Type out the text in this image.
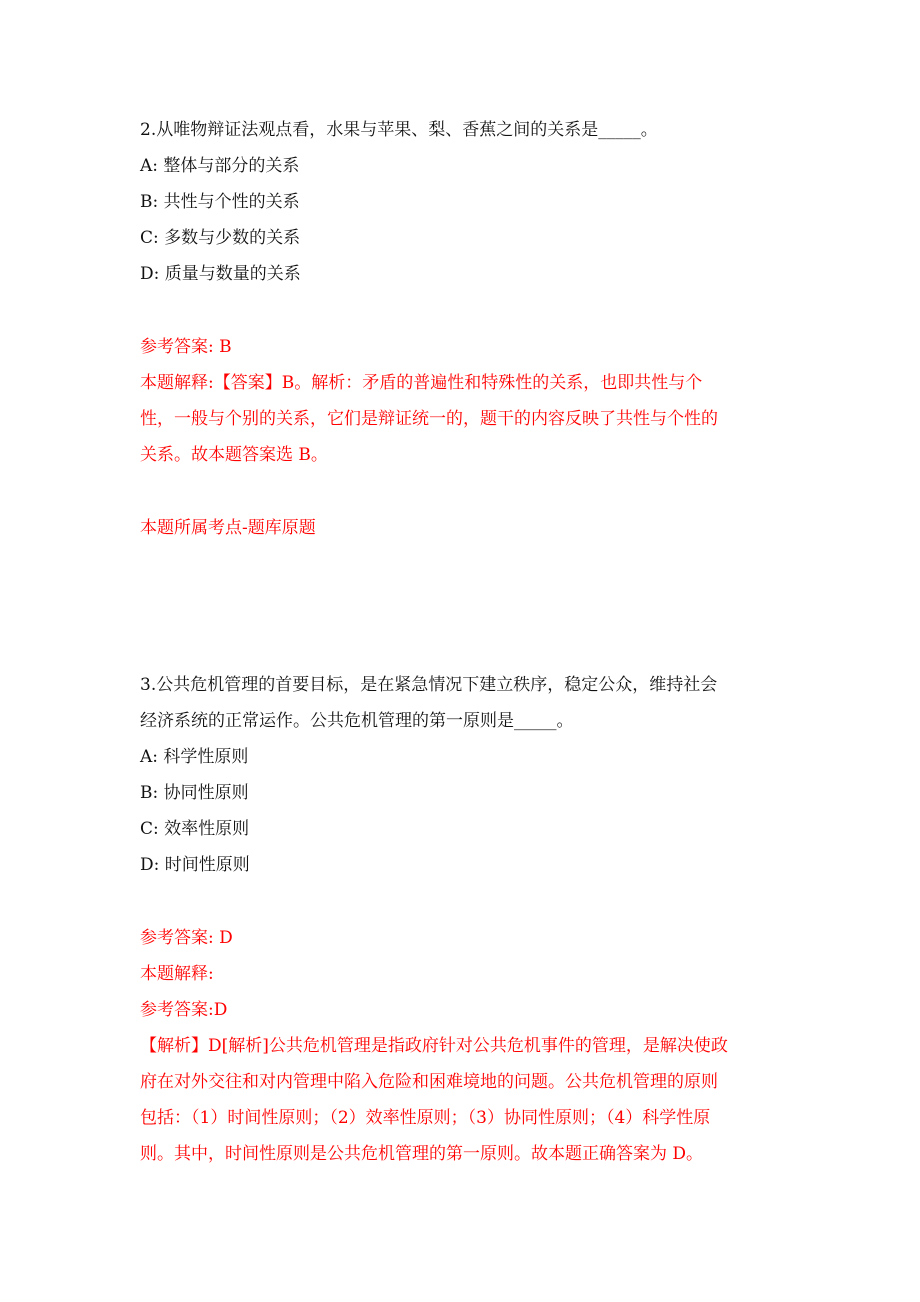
2.从唯物辩证法观点看，水果与苹果、梨、香蕉之间的关系是_____。
A: 整体与部分的关系
B: 共性与个性的关系
C: 多数与少数的关系
D: 质量与数量的关系
参考答案: B
本题解释:【答案】B。解析：矛盾的普遍性和特殊性的关系，也即共性与个
性，一般与个别的关系，它们是辩证统一的，题干的内容反映了共性与个性的
关系。故本题答案选 B。
本题所属考点-题库原题
3.公共危机管理的首要目标，是在紧急情况下建立秩序，稳定公众，维持社会
经济系统的正常运作。公共危机管理的第一原则是_____。
A: 科学性原则
B: 协同性原则
C: 效率性原则
D: 时间性原则
参考答案: D
本题解释:
参考答案:D
【解析】D[解析]公共危机管理是指政府针对公共危机事件的管理，是解决使政
府在对外交往和对内管理中陷入危险和困难境地的问题。公共危机管理的原则
包括：（1）时间性原则；（2）效率性原则；（3）协同性原则；（4）科学性原
则。其中，时间性原则是公共危机管理的第一原则。故本题正确答案为 D。
